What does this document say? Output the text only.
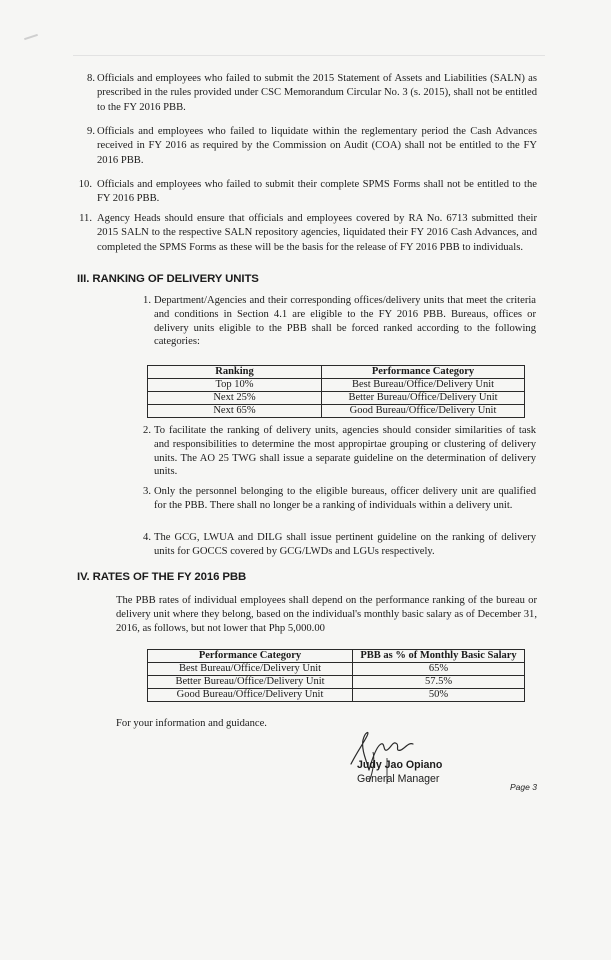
8. Officials and employees who failed to submit the 2015 Statement of Assets and Liabilities (SALN) as prescribed in the rules provided under CSC Memorandum Circular No. 3 (s. 2015), shall not be entitled to the FY 2016 PBB.
9. Officials and employees who failed to liquidate within the reglementary period the Cash Advances received in FY 2016 as required by the Commission on Audit (COA) shall not be entitled to the FY 2016 PBB.
10. Officials and employees who failed to submit their complete SPMS Forms shall not be entitled to the FY 2016 PBB.
11. Agency Heads should ensure that officials and employees covered by RA No. 6713 submitted their 2015 SALN to the respective SALN repository agencies, liquidated their FY 2016 Cash Advances, and completed the SPMS Forms as these will be the basis for the release of FY 2016 PBB to individuals.
III. RANKING OF DELIVERY UNITS
1. Department/Agencies and their corresponding offices/delivery units that meet the criteria and conditions in Section 4.1 are eligible to the FY 2016 PBB. Bureaus, offices or delivery units eligible to the PBB shall be forced ranked according to the following categories:
Ranking	Performance Category
Top 10%	Best Bureau/Office/Delivery Unit
Next 25%	Better Bureau/Office/Delivery Unit
Next 65%	Good Bureau/Office/Delivery Unit
2. To facilitate the ranking of delivery units, agencies should consider similarities of task and responsibilities to determine the most appropirtae grouping or clustering of delivery units. The AO 25 TWG shall issue a separate guideline on the determination of delivery units.
3. Only the personnel belonging to the eligible bureaus, officer delivery unit are qualified for the PBB. There shall no longer be a ranking of individuals within a delivery unit.
4. The GCG, LWUA and DILG shall issue pertinent guideline on the ranking of delivery units for GOCCS covered by GCG/LWDs and LGUs respectively.
IV. RATES OF THE FY 2016 PBB
The PBB rates of individual employees shall depend on the performance ranking of the bureau or delivery unit where they belong, based on the individual's monthly basic salary as of December 31, 2016, as follows, but not lower that Php 5,000.00
Performance Category	PBB as % of Monthly Basic Salary
Best Bureau/Office/Delivery Unit	65%
Better Bureau/Office/Delivery Unit	57.5%
Good Bureau/Office/Delivery Unit	50%
For your information and guidance.
Judy Jao Opiano
General Manager
Page 3
